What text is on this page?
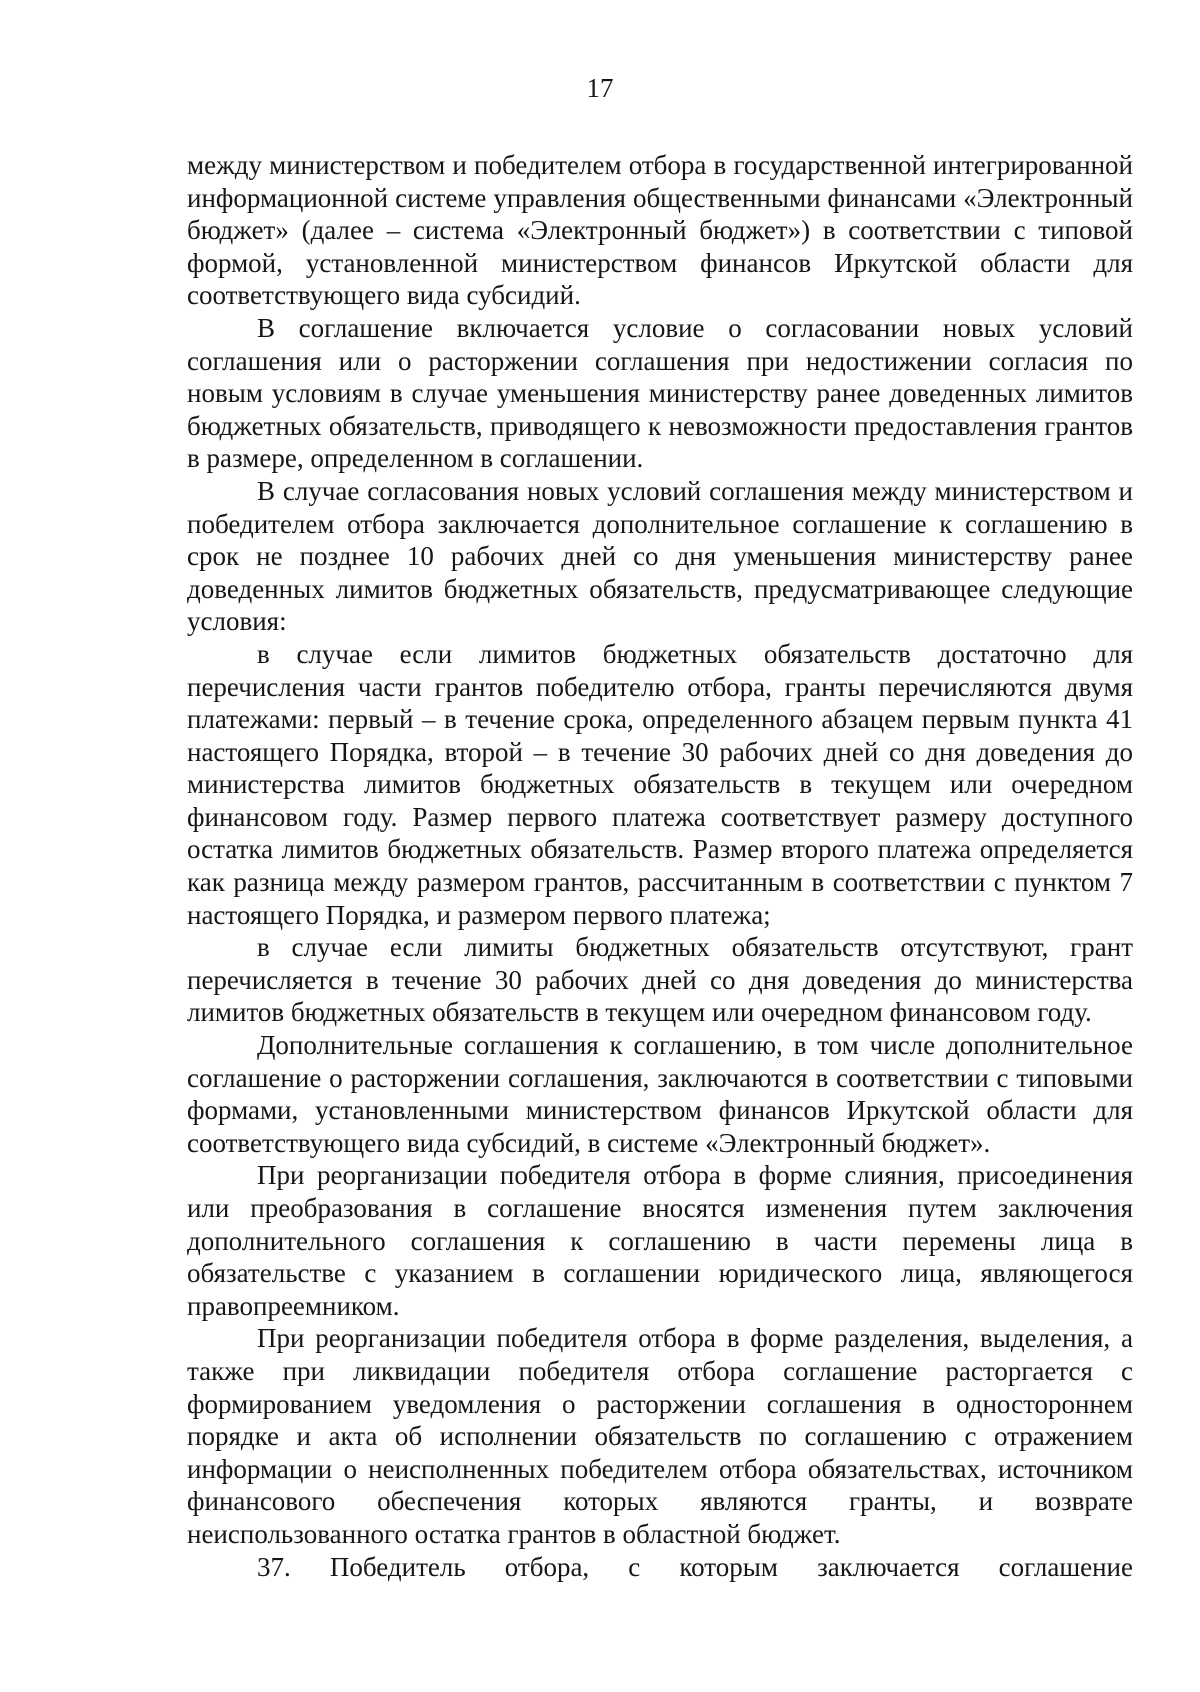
17

между министерством и победителем отбора в государственной интегрированной информационной системе управления общественными финансами «Электронный бюджет» (далее – система «Электронный бюджет») в соответствии с типовой формой, установленной министерством финансов Иркутской области для соответствующего вида субсидий.

В соглашение включается условие о согласовании новых условий соглашения или о расторжении соглашения при недостижении согласия по новым условиям в случае уменьшения министерству ранее доведенных лимитов бюджетных обязательств, приводящего к невозможности предоставления грантов в размере, определенном в соглашении.

В случае согласования новых условий соглашения между министерством и победителем отбора заключается дополнительное соглашение к соглашению в срок не позднее 10 рабочих дней со дня уменьшения министерству ранее доведенных лимитов бюджетных обязательств, предусматривающее следующие условия:

в случае если лимитов бюджетных обязательств достаточно для перечисления части грантов победителю отбора, гранты перечисляются двумя платежами: первый – в течение срока, определенного абзацем первым пункта 41 настоящего Порядка, второй – в течение 30 рабочих дней со дня доведения до министерства лимитов бюджетных обязательств в текущем или очередном финансовом году. Размер первого платежа соответствует размеру доступного остатка лимитов бюджетных обязательств. Размер второго платежа определяется как разница между размером грантов, рассчитанным в соответствии с пунктом 7 настоящего Порядка, и размером первого платежа;

в случае если лимиты бюджетных обязательств отсутствуют, грант перечисляется в течение 30 рабочих дней со дня доведения до министерства лимитов бюджетных обязательств в текущем или очередном финансовом году.

Дополнительные соглашения к соглашению, в том числе дополнительное соглашение о расторжении соглашения, заключаются в соответствии с типовыми формами, установленными министерством финансов Иркутской области для соответствующего вида субсидий, в системе «Электронный бюджет».

При реорганизации победителя отбора в форме слияния, присоединения или преобразования в соглашение вносятся изменения путем заключения дополнительного соглашения к соглашению в части перемены лица в обязательстве с указанием в соглашении юридического лица, являющегося правопреемником.

При реорганизации победителя отбора в форме разделения, выделения, а также при ликвидации победителя отбора соглашение расторгается с формированием уведомления о расторжении соглашения в одностороннем порядке и акта об исполнении обязательств по соглашению с отражением информации о неисполненных победителем отбора обязательствах, источником финансового обеспечения которых являются гранты, и возврате неиспользованного остатка грантов в областной бюджет.

37. Победитель отбора, с которым заключается соглашение
